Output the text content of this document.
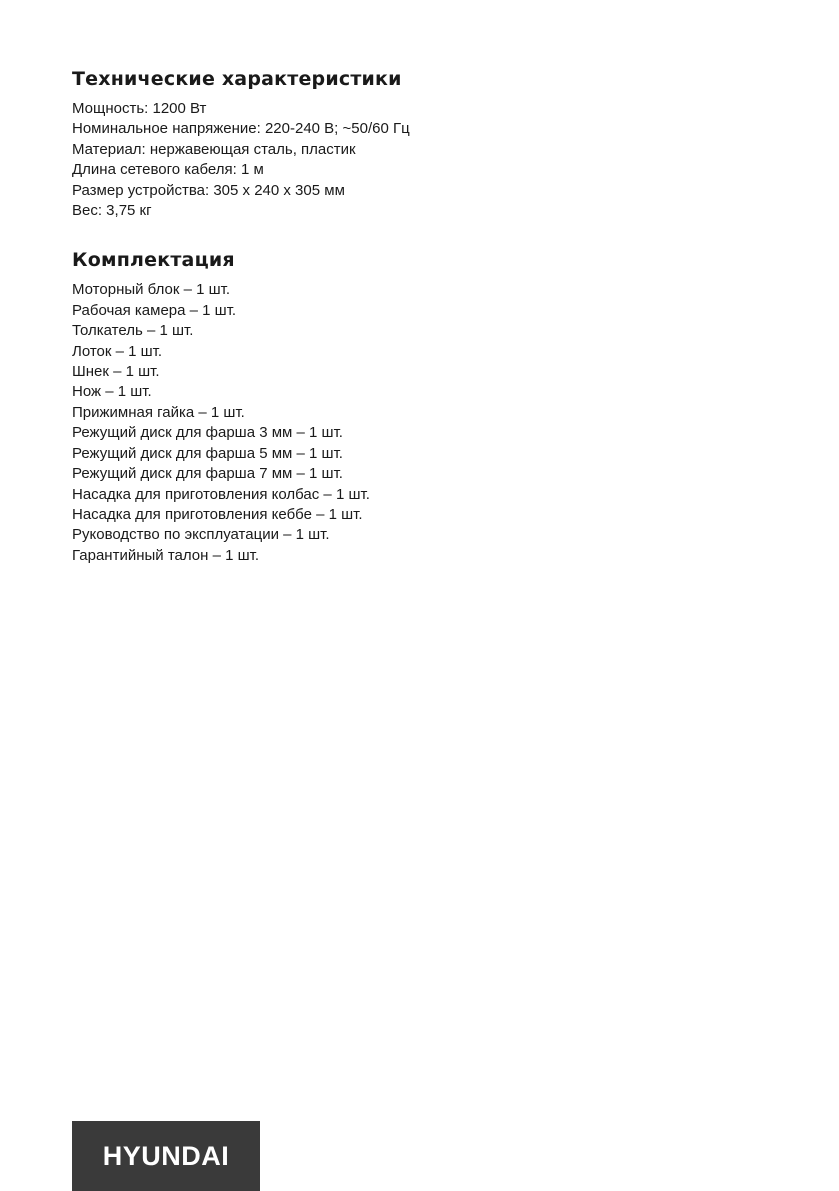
Технические характеристики
Мощность: 1200 Вт
Номинальное напряжение: 220-240 В; ~50/60 Гц
Материал: нержавеющая сталь, пластик
Длина сетевого кабеля: 1 м
Размер устройства: 305 х 240 х 305 мм
Вес: 3,75 кг
Комплектация
Моторный блок – 1 шт.
Рабочая камера – 1 шт.
Толкатель – 1 шт.
Лоток – 1 шт.
Шнек – 1 шт.
Нож – 1 шт.
Прижимная гайка – 1 шт.
Режущий диск для фарша 3 мм – 1 шт.
Режущий диск для фарша 5 мм – 1 шт.
Режущий диск для фарша 7 мм – 1 шт.
Насадка для приготовления колбас – 1 шт.
Насадка для приготовления кеббе – 1 шт.
Руководство по эксплуатации – 1 шт.
Гарантийный талон – 1 шт.
HYUNDAI
